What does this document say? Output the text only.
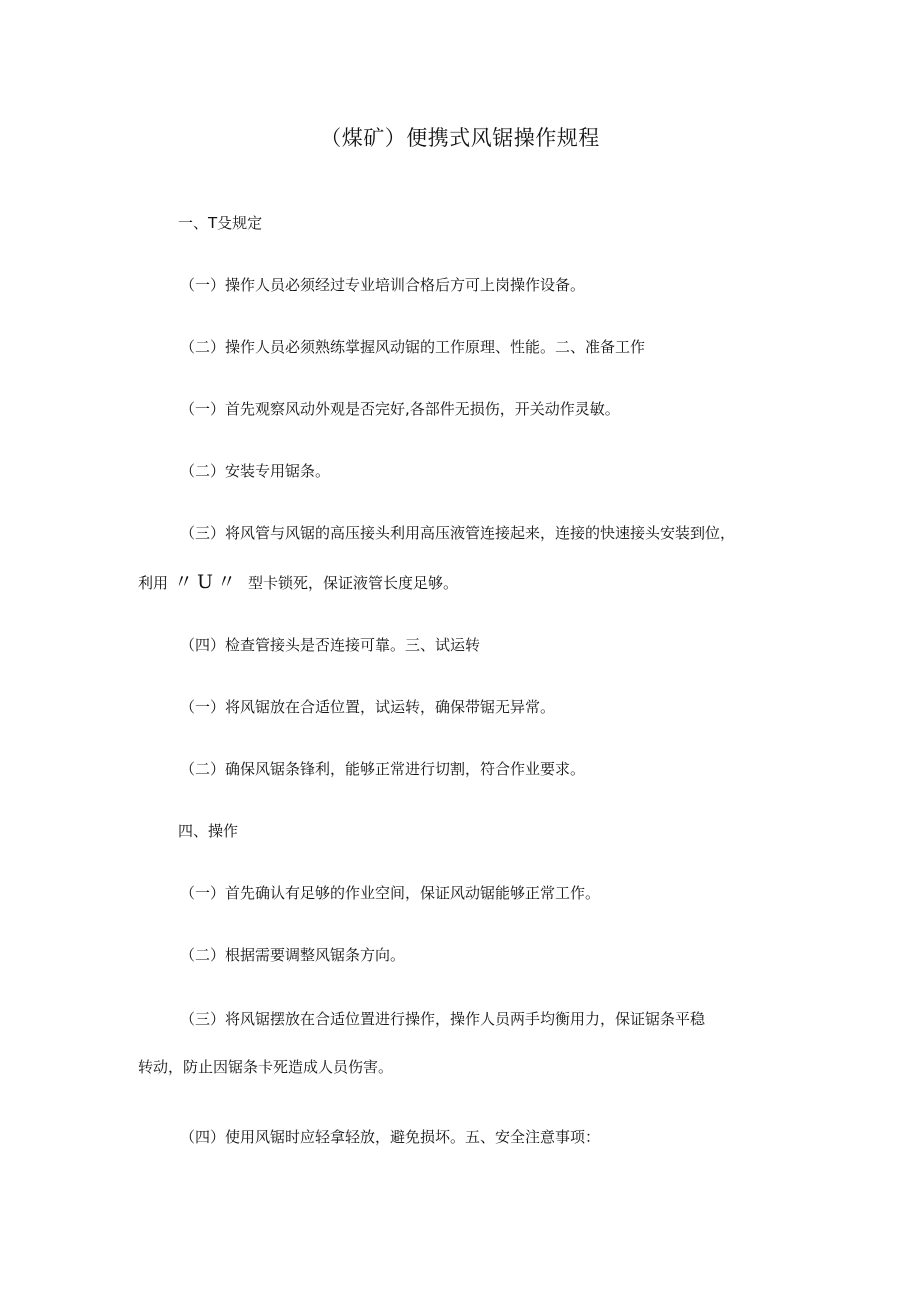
（煤矿）便携式风锯操作规程

一、T殳规定

（一）操作人员必须经过专业培训合格后方可上岗操作设备。

（二）操作人员必须熟练掌握风动锯的工作原理、性能。二、准备工作

（一）首先观察风动外观是否完好,各部件无损伤，开关动作灵敏。

（二）安装专用锯条。

（三）将风管与风锯的高压接头利用高压液管连接起来，连接的快速接头安装到位，

利用 〃U〃 型卡锁死，保证液管长度足够。

（四）检查管接头是否连接可靠。三、试运转

（一）将风锯放在合适位置，试运转，确保带锯无异常。

（二）确保风锯条锋利，能够正常进行切割，符合作业要求。

四、操作

（一）首先确认有足够的作业空间，保证风动锯能够正常工作。

（二）根据需要调整风锯条方向。

（三）将风锯摆放在合适位置进行操作，操作人员两手均衡用力，保证锯条平稳

转动，防止因锯条卡死造成人员伤害。

（四）使用风锯时应轻拿轻放，避免损坏。五、安全注意事项：
